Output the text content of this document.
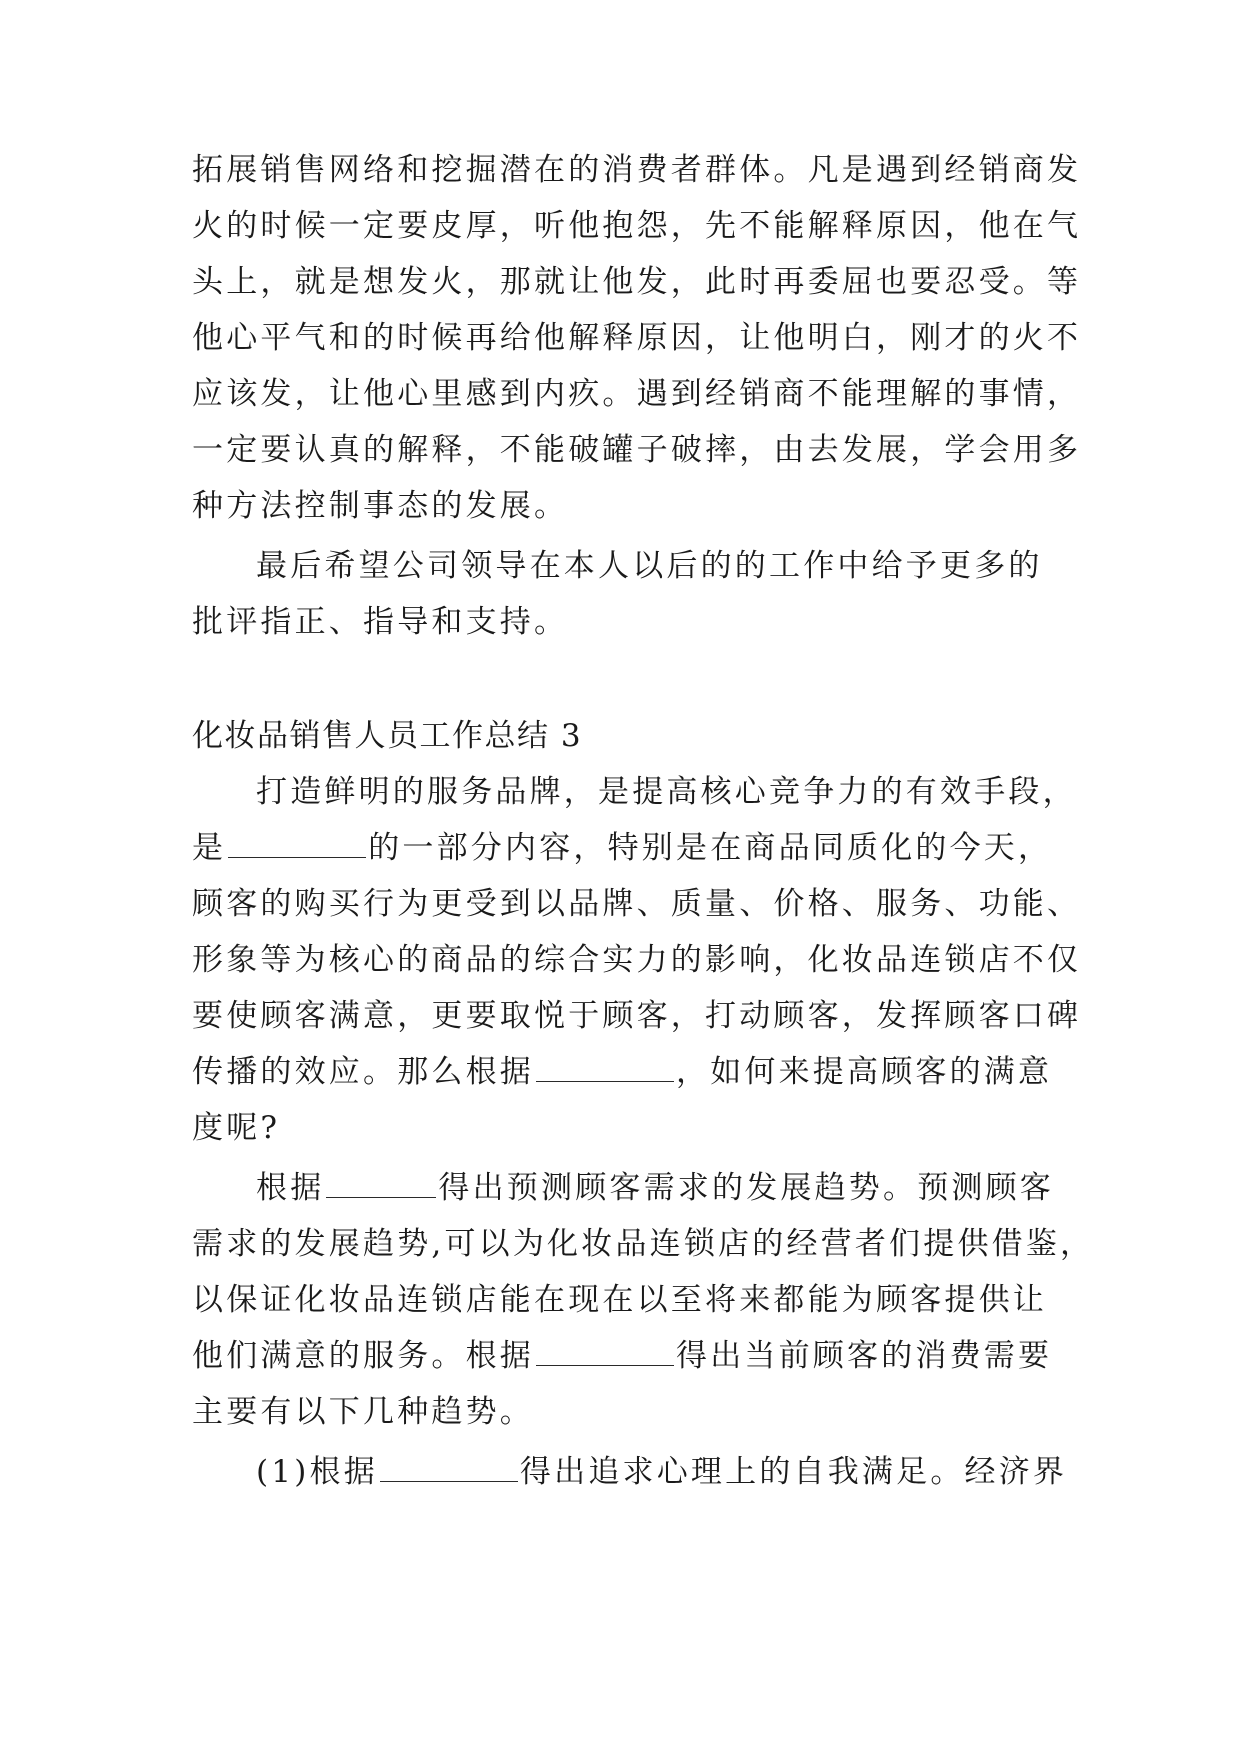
拓展销售网络和挖掘潜在的消费者群体。凡是遇到经销商发
火的时候一定要皮厚，听他抱怨，先不能解释原因，他在气
头上，就是想发火，那就让他发，此时再委屈也要忍受。等
他心平气和的时候再给他解释原因，让他明白，刚才的火不
应该发，让他心里感到内疚。遇到经销商不能理解的事情，
一定要认真的解释，不能破罐子破摔，由去发展，学会用多
种方法控制事态的发展。
最后希望公司领导在本人以后的的工作中给予更多的
批评指正、指导和支持。
化妆品销售人员工作总结 3
打造鲜明的服务品牌，是提高核心竞争力的有效手段，
是	的一部分内容，特别是在商品同质化的今天，
顾客的购买行为更受到以品牌、质量、价格、服务、功能、
形象等为核心的商品的综合实力的影响，化妆品连锁店不仅
要使顾客满意，更要取悦于顾客，打动顾客，发挥顾客口碑
传播的效应。那么根据	，如何来提高顾客的满意
度呢?
根据	得出预测顾客需求的发展趋势。预测顾客
需求的发展趋势,可以为化妆品连锁店的经营者们提供借鉴，
以保证化妆品连锁店能在现在以至将来都能为顾客提供让
他们满意的服务。根据	得出当前顾客的消费需要
主要有以下几种趋势。
(1)根据	得出追求心理上的自我满足。经济界
